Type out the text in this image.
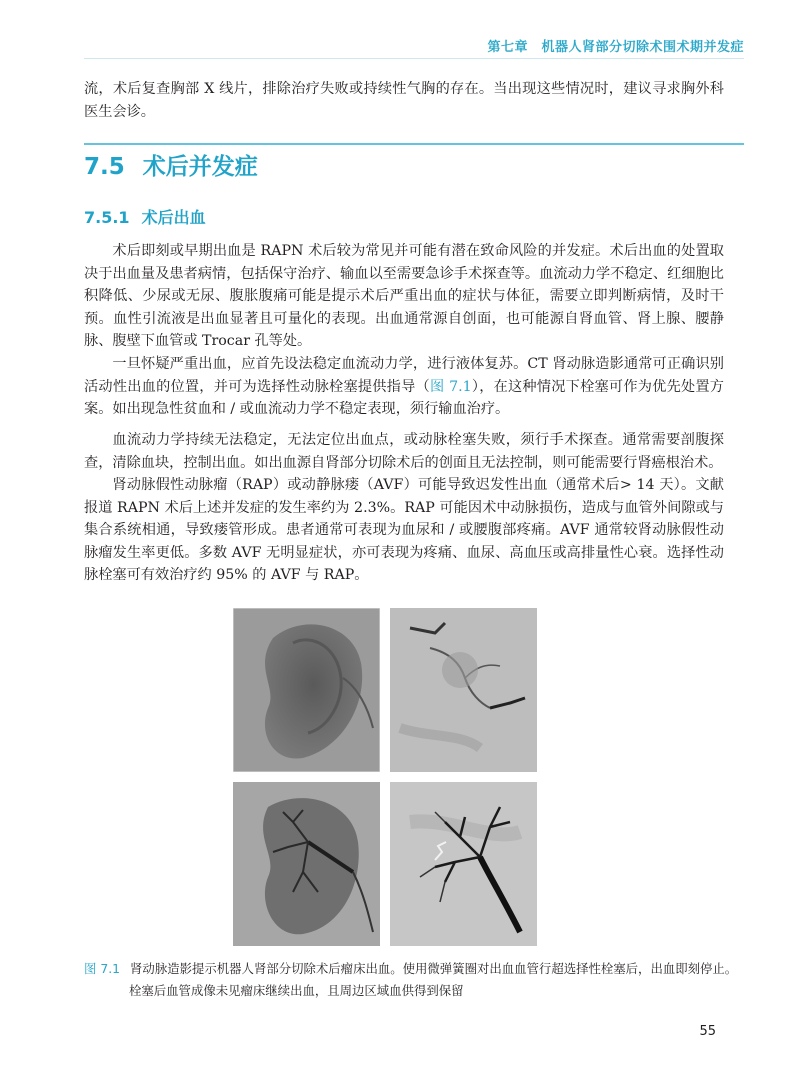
第七章　机器人肾部分切除术围术期并发症

流，术后复查胸部 X 线片，排除治疗失败或持续性气胸的存在。当出现这些情况时，建议寻求胸外科医生会诊。

7.5 术后并发症
7.5.1 术后出血

术后即刻或早期出血是 RAPN 术后较为常见并可能有潜在致命风险的并发症。术后出血的处置取决于出血量及患者病情，包括保守治疗、输血以至需要急诊手术探查等。血流动力学不稳定、红细胞比积降低、少尿或无尿、腹胀腹痛可能是提示术后严重出血的症状与体征，需要立即判断病情，及时干预。血性引流液是出血显著且可量化的表现。出血通常源自创面，也可能源自肾血管、肾上腺、腰静脉、腹壁下血管或 Trocar 孔等处。

一旦怀疑严重出血，应首先设法稳定血流动力学，进行液体复苏。CT 肾动脉造影通常可正确识别活动性出血的位置，并可为选择性动脉栓塞提供指导（图 7.1），在这种情况下栓塞可作为优先处置方案。如出现急性贫血和 / 或血流动力学不稳定表现，须行输血治疗。

血流动力学持续无法稳定，无法定位出血点，或动脉栓塞失败，须行手术探查。通常需要剖腹探查，清除血块，控制出血。如出血源自肾部分切除术后的创面且无法控制，则可能需要行肾癌根治术。

肾动脉假性动脉瘤（RAP）或动静脉瘘（AVF）可能导致迟发性出血（通常术后> 14 天）。文献报道 RAPN 术后上述并发症的发生率约为 2.3%。RAP 可能因术中动脉损伤，造成与血管外间隙或与集合系统相通，导致瘘管形成。患者通常可表现为血尿和 / 或腰腹部疼痛。AVF 通常较肾动脉假性动脉瘤发生率更低。多数 AVF 无明显症状，亦可表现为疼痛、血尿、高血压或高排量性心衰。选择性动脉栓塞可有效治疗约 95% 的 AVF 与 RAP。

图 7.1 肾动脉造影提示机器人肾部分切除术后瘤床出血。使用微弹簧圈对出血血管行超选择性栓塞后，出血即刻停止。
栓塞后血管成像未见瘤床继续出血，且周边区域血供得到保留

55
